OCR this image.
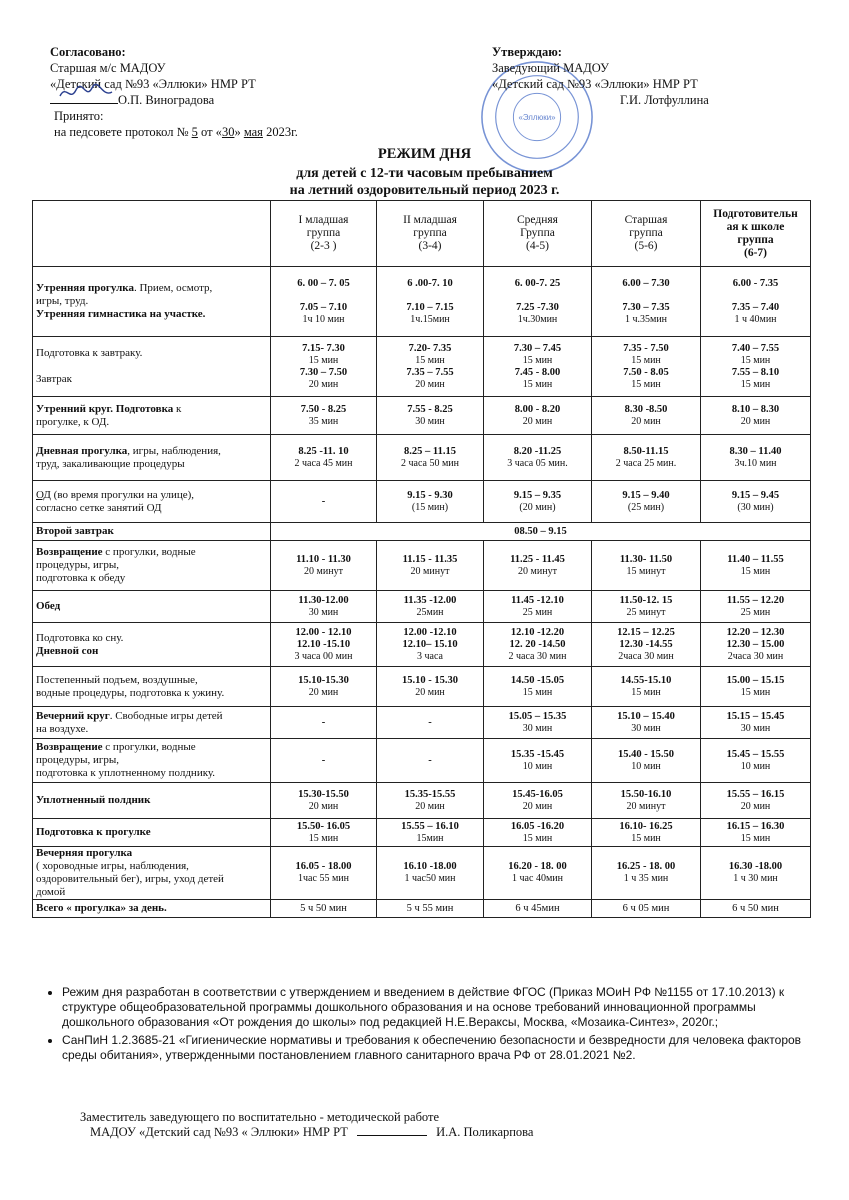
Согласовано:
Старшая м/с МАДОУ
«Детский сад №93 «Эллюки» НМР РТ
О.П. Виноградова
Принято:
на педсовете протокол № 5 от «30» мая 2023г.
«Эллюки»
Утверждаю:
Заведующий МАДОУ
«Детский сад №93 «Эллюки» НМР РТ
Г.И. Лотфуллина
РЕЖИМ ДНЯ
для детей с 12-ти часовым пребыванием
на летний оздоровительный период 2023 г.
	I младшая
группа
(2-3 )	II младшая
группа
(3-4)	Средняя
Группа
(4-5)	Старшая
группа
(5-6)	Подготовительн
ая к школе
группа
(6-7)
Утренняя прогулка. Прием, осмотр,
игры, труд.
Утренняя гимнастика на участке.	6. 00 – 7. 05

7.05 – 7.10
1ч 10 мин	6 .00-7. 10

7.10 – 7.15
1ч.15мин	6. 00-7. 25

7.25 -7.30
1ч.30мин	6.00 – 7.30

7.30 – 7.35
1 ч.35мин	6.00 - 7.35

7.35 – 7.40
1 ч 40мин
Подготовка к завтраку.

Завтрак	7.15- 7.30
15 мин
7.30 – 7.50
20 мин	7.20- 7.35
15 мин
7.35 – 7.55
20 мин	7.30 – 7.45
15 мин
7.45 - 8.00
15 мин	7.35 - 7.50
15 мин
7.50 - 8.05
15 мин	7.40 – 7.55
15 мин
7.55 – 8.10
15 мин
Утренний круг. Подготовка к
прогулке, к ОД.	7.50 - 8.25
35 мин	7.55 - 8.25
30 мин	8.00 - 8.20
20 мин	8.30 -8.50
20 мин	8.10 – 8.30
20 мин
Дневная прогулка, игры, наблюдения,
труд, закаливающие процедуры	8.25 -11. 10
2 часа 45 мин	8.25 – 11.15
2 часа 50 мин	8.20 -11.25
3 часа 05 мин.	8.50-11.15
2 часа 25 мин.	8.30 – 11.40
3ч.10 мин
ОД (во время прогулки на улице),
согласно сетке занятий ОД	-	9.15 - 9.30
(15 мин)	9.15 – 9.35
(20 мин)	9.15 – 9.40
(25 мин)	9.15 – 9.45
(30 мин)
Второй завтрак	08.50 – 9.15				
Возвращение с прогулки, водные
процедуры, игры,
подготовка к обеду	11.10 - 11.30
20 минут	11.15 - 11.35
20 минут	11.25 - 11.45
20 минут	11.30- 11.50
15 минут	11.40 – 11.55
15 мин
Обед	11.30-12.00
30 мин	11.35 -12.00
25мин	11.45 -12.10
25 мин	11.50-12. 15
25 минут	11.55 – 12.20
25 мин
Подготовка ко сну.
Дневной сон	12.00 - 12.10
12.10 -15.10
3 часа 00 мин	12.00 -12.10
12.10– 15.10
3 часа	12.10 -12.20
12. 20 -14.50
2 часа 30 мин	12.15 – 12.25
12.30 -14.55
2часа 30 мин	12.20 – 12.30
12.30 – 15.00
2часа 30 мин
Постепенный подъем, воздушные,
водные процедуры, подготовка к ужину.	15.10-15.30
20 мин	15.10 - 15.30
20 мин	14.50 -15.05
15 мин	14.55-15.10
15 мин	15.00 – 15.15
15 мин
Вечерний круг. Свободные игры детей
на воздухе.	-	-	15.05 – 15.35
30 мин	15.10 – 15.40
30 мин	15.15 – 15.45
30 мин
Возвращение с прогулки, водные
процедуры, игры,
подготовка к уплотненному полднику.	-	-	15.35 -15.45
10 мин	15.40 - 15.50
10 мин	15.45 – 15.55
10 мин
Уплотненный полдник	15.30-15.50
20 мин	15.35-15.55
20 мин	15.45-16.05
20 мин	15.50-16.10
20 минут	15.55 – 16.15
20 мин
Подготовка к прогулке	15.50- 16.05
15 мин	15.55 – 16.10
15мин	16.05 -16.20
15 мин	16.10- 16.25
15 мин	16.15 – 16.30
15 мин
Вечерняя прогулка
( хороводные игры, наблюдения,
оздоровительный бег), игры, уход детей
домой	16.05 - 18.00
1час 55 мин	16.10 -18.00
1 час50 мин	16.20 - 18. 00
1 час 40мин	16.25 - 18. 00
1 ч 35 мин	16.30 -18.00
1 ч 30 мин
Всего « прогулка» за день.	5 ч 50 мин	5 ч 55 мин	6 ч 45мин	6 ч 05 мин	6 ч 50 мин
• Режим дня разработан в соответствии с утверждением и введением в действие ФГОС (Приказ МОиН РФ №1155 от 17.10.2013) к структуре общеобразовательной программы дошкольного образования и на основе требований инновационной программы дошкольного образования «От рождения до школы» под редакцией Н.Е.Вераксы, Москва, «Мозаика-Синтез», 2020г.;
• СанПиН 1.2.3685-21 «Гигиенические нормативы и требования к обеспечению безопасности и безвредности для человека факторов среды обитания», утвержденными постановлением главного санитарного врача РФ от 28.01.2021 №2.
Заместитель заведующего по воспитательно - методической работе
МАДОУ «Детский сад №93 « Эллюки» НМР РТ	И.А. Поликарпова
